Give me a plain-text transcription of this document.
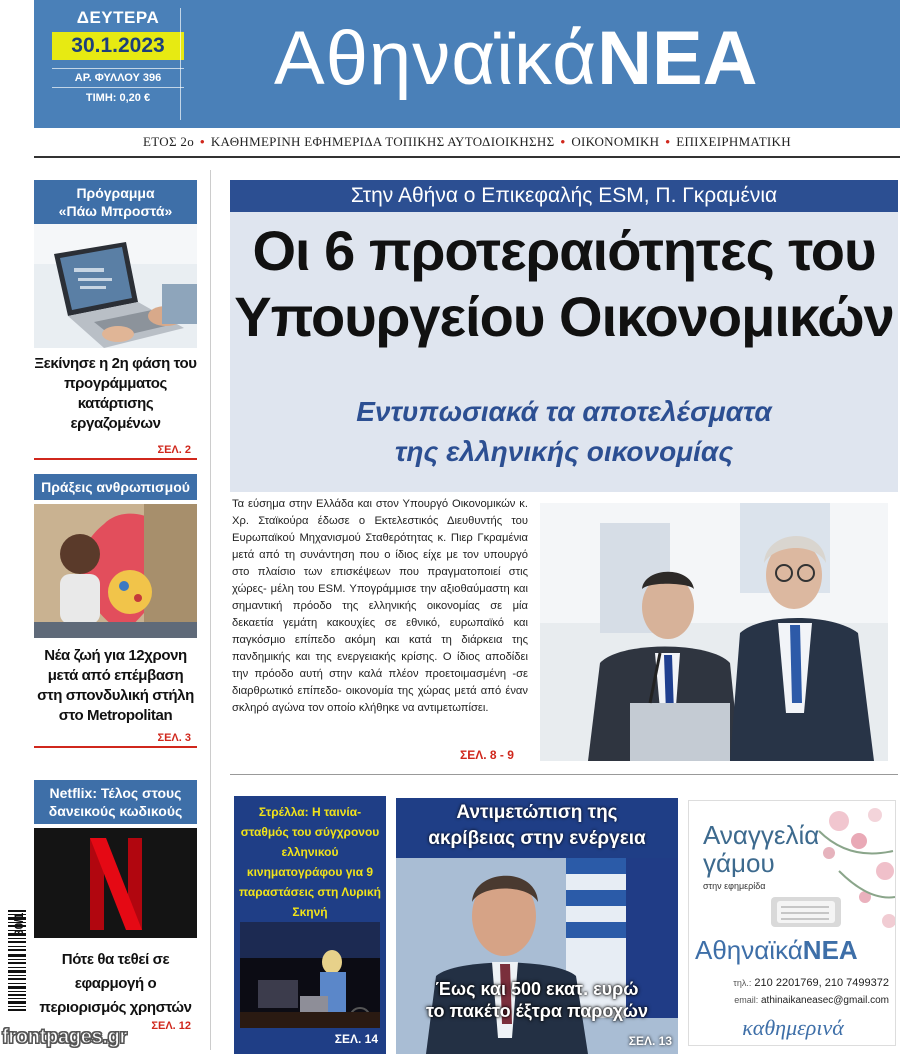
ΔΕΥΤΕΡΑ
30.1.2023
ΑΡ. ΦΥΛΛΟΥ 396
ΤΙΜΗ: 0,20 €	ΑθηναϊκάΝΕΑ
ΕΤΟΣ 2ο • ΚΑΘΗΜΕΡΙΝΗ ΕΦΗΜΕΡΙΔΑ ΤΟΠΙΚΗΣ ΑΥΤΟΔΙΟΙΚΗΣΗΣ • ΟΙΚΟΝΟΜΙΚΗ • ΕΠΙΧΕΙΡΗΜΑΤΙΚΗ
Πρόγραμμα
«Πάω Μπροστά»
Ξεκίνησε η 2η φάση του προγράμματος κατάρτισης εργαζομένων
ΣΕΛ. 2
Πράξεις ανθρωπισμού
Νέα ζωή για 12χρονη μετά από επέμβαση στη σπονδυλική στήλη στο Metropolitan
ΣΕΛ. 3
Netflix: Τέλος στους
δανεικούς κωδικούς
Πότε θα τεθεί σε εφαρμογή ο περιορισμός χρηστών
ΣΕΛ. 12
Στην Αθήνα ο Επικεφαλής ESM, Π. Γκραμένια
Οι 6 προτεραιότητες του
Υπουργείου Οικονομικών
Εντυπωσιακά τα αποτελέσματα
της ελληνικής οικονομίας
Τα εύσημα στην Ελλάδα και στον Υπουργό Οικονομικών κ. Χρ. Σταϊκούρα έδωσε ο Εκτελεστικός Διευθυντής του Ευρωπαϊκού Μηχανισμού Σταθερότητας κ. Πιερ Γκραμένια μετά από τη συνάντηση που ο ίδιος είχε με τον υπουργό στο πλαίσιο των επισκέψεων που πραγματοποιεί στις χώρες- μέλη του ESM. Υπογράμμισε την αξιοθαύμαστη και σημαντική πρόοδο της ελληνικής οικονομίας σε μία δεκαετία γεμάτη κακουχίες σε εθνικό, ευρωπαϊκό και παγκόσμιο επίπεδο ακόμη και κατά τη διάρκεια της πανδημικής και της ενεργειακής κρίσης. Ο ίδιος αποδίδει την πρόοδο αυτή στην καλά πλέον προετοιμασμένη -σε διαρθρωτικό επίπεδο- οικονομία της χώρας μετά από έναν σκληρό αγώνα τον οποίο κλήθηκε να αντιμετωπίσει.
ΣΕΛ. 8 - 9
Στρέλλα: Η ταινία-σταθμός του σύγχρονου ελληνικού κινηματογράφου για 9 παραστάσεις στη Λυρική Σκηνή
ΣΕΛ. 14
Αντιμετώπιση της
ακρίβειας στην ενέργεια
Έως και 500 εκατ. ευρώ
το πακέτο έξτρα παροχών
ΣΕΛ. 13
Αναγγελία
γάμου
στην εφημερίδα
ΑθηναϊκάΝΕΑ
τηλ.: 210 2201769, 210 7499372
email: athinaikaneasec@gmail.com
καθημερινά
30/1
frontpages.gr
